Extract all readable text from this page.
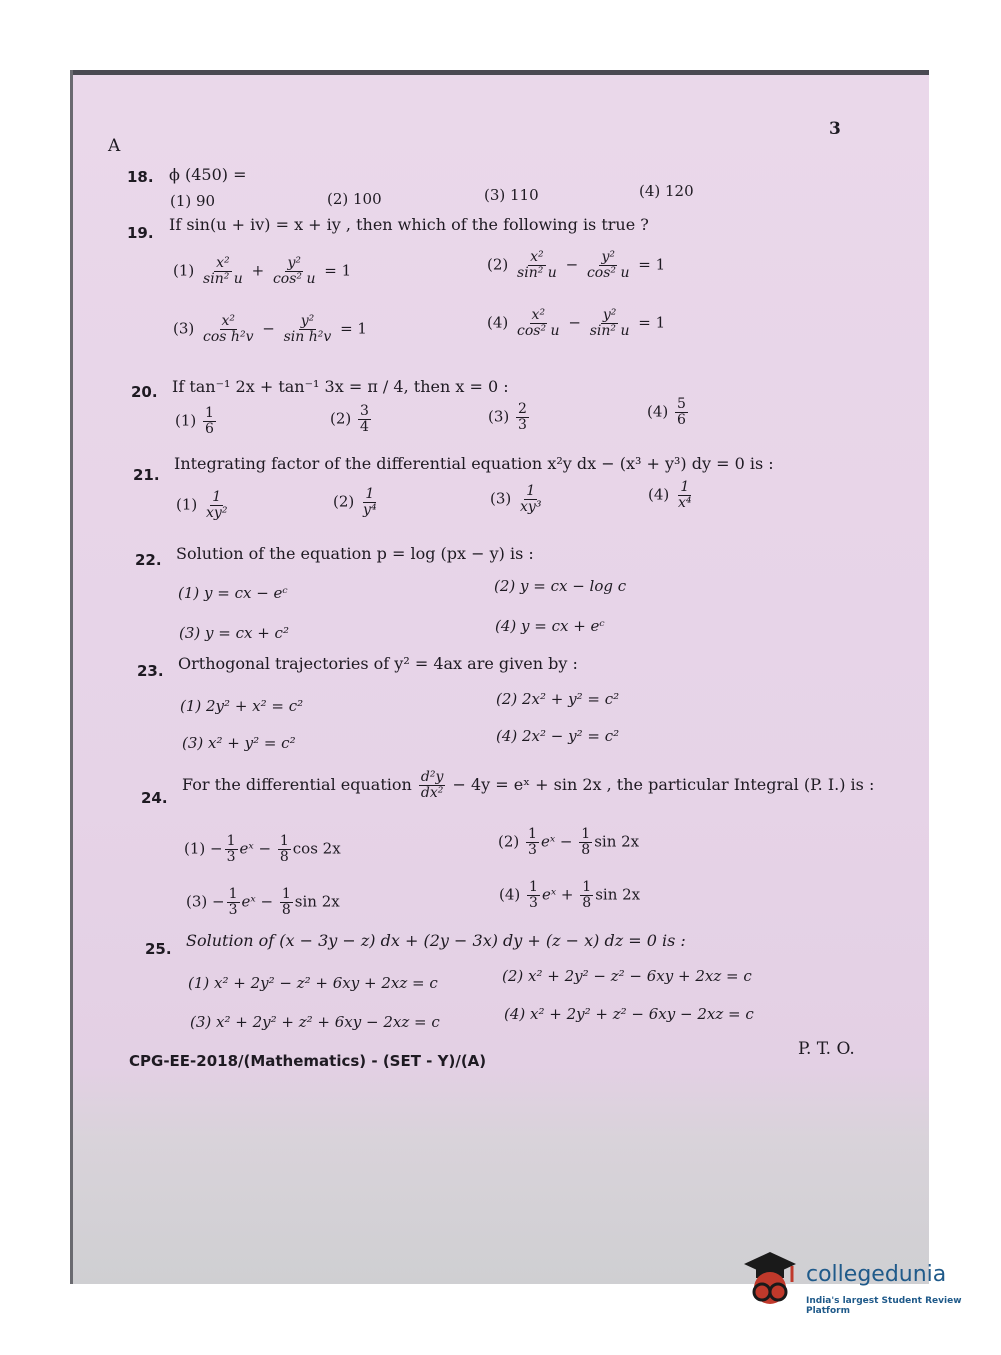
A
3
18. ϕ (450) =
(1) 90	(2) 100	(3) 110	(4) 120
19. If sin(u + iv) = x + iy , then which of the following is true ?
$(1) \frac{\text{x²}}{\text{sin² u}} + \frac{\text{y²}}{\text{cos² u}} = 1$	$(2) \frac{\text{x²}}{\text{sin² u}} - \frac{\text{y²}}{\text{cos² u}} = 1$
$(3) \frac{\text{x²}}{\text{cos h²v}} - \frac{\text{y²}}{\text{sin h²v}} = 1$	$(4) \frac{\text{x²}}{\text{cos² u}} - \frac{\text{y²}}{\text{sin² u}} = 1$
20. If tan⁻¹ 2x + tan⁻¹ 3x = π / 4, then x = 0 :
$(1) \frac{1}{6}$	$(2) \frac{3}{4}$	$(3) \frac{2}{3}$	$(4) \frac{5}{6}$
21.
Integrating factor of the differential equation x²y dx − (x³ + y³) dy = 0 is :
$(1) \frac{1}{\text{xy²}}$	$(2) \frac{1}{\text{y⁴}}$	$(3) \frac{1}{\text{xy³}}$	$(4) \frac{1}{\text{x⁴}}$
22. Solution of the equation p = log (px − y) is :
(1) y = cx − eᶜ	(2) y = cx − log c
(3) y = cx + c²	(4) y = cx + eᶜ
23. Orthogonal trajectories of y² = 4ax are given by :
(1) 2y² + x² = c²	(2) 2x² + y² = c²
(3) x² + y² = c²	(4) 2x² − y² = c²
24.
For the differential equation $\frac{\text{d²y}}{\text{dx²}} - 4y$ = eˣ + sin 2x , the particular Integral (P. I.) is :
$(1) - \frac{1}{3}$ eˣ − $\frac{1}{8}$ cos 2x	$(2) \frac{1}{3}$ eˣ − $\frac{1}{8}$ sin 2x
$(3) - \frac{1}{3}$ eˣ − $\frac{1}{8}$ sin 2x	$(4) \frac{1}{3}$ eˣ + $\frac{1}{8}$ sin 2x
25. Solution of (x − 3y − z) dx + (2y − 3x) dy + (z − x) dz = 0 is :
(1) x² + 2y² − z² + 6xy + 2xz = c	(2) x² + 2y² − z² − 6xy + 2xz = c
(3) x² + 2y² + z² + 6xy − 2xz = c	(4) x² + 2y² + z² − 6xy − 2xz = c
CPG-EE-2018/(Mathematics) - (SET - Y)/(A)
P. T. O.
collegedunia
India's largest Student Review Platform
